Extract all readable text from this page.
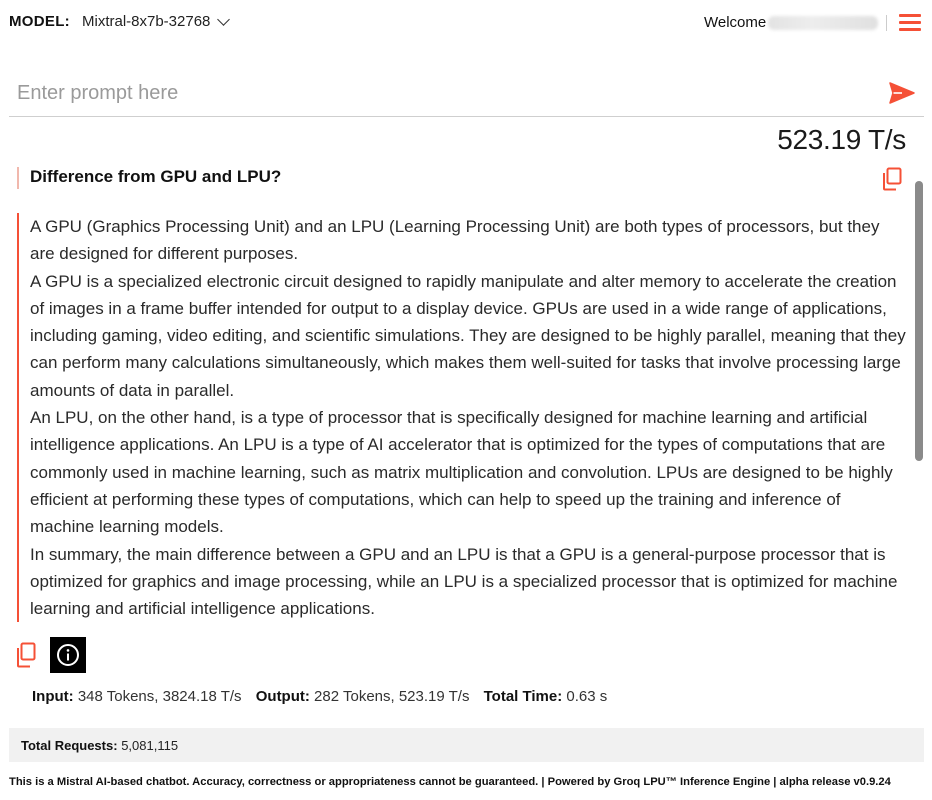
MODEL: Mixtral-8x7b-32768	Welcome
Enter prompt here
523.19 T/s
Difference from GPU and LPU?

A GPU (Graphics Processing Unit) and an LPU (Learning Processing Unit) are both types of processors, but they are designed for different purposes.

A GPU is a specialized electronic circuit designed to rapidly manipulate and alter memory to accelerate the creation of images in a frame buffer intended for output to a display device. GPUs are used in a wide range of applications, including gaming, video editing, and scientific simulations. They are designed to be highly parallel, meaning that they can perform many calculations simultaneously, which makes them well-suited for tasks that involve processing large amounts of data in parallel.

An LPU, on the other hand, is a type of processor that is specifically designed for machine learning and artificial intelligence applications. An LPU is a type of AI accelerator that is optimized for the types of computations that are commonly used in machine learning, such as matrix multiplication and convolution. LPUs are designed to be highly efficient at performing these types of computations, which can help to speed up the training and inference of machine learning models.

In summary, the main difference between a GPU and an LPU is that a GPU is a general-purpose processor that is optimized for graphics and image processing, while an LPU is a specialized processor that is optimized for machine learning and artificial intelligence applications.

Input: 348 Tokens, 3824.18 T/s Output: 282 Tokens, 523.19 T/s Total Time: 0.63 s
Total Requests: 5,081,115
This is a Mistral AI-based chatbot. Accuracy, correctness or appropriateness cannot be guaranteed. | Powered by Groq LPU™ Inference Engine | alpha release v0.9.24
